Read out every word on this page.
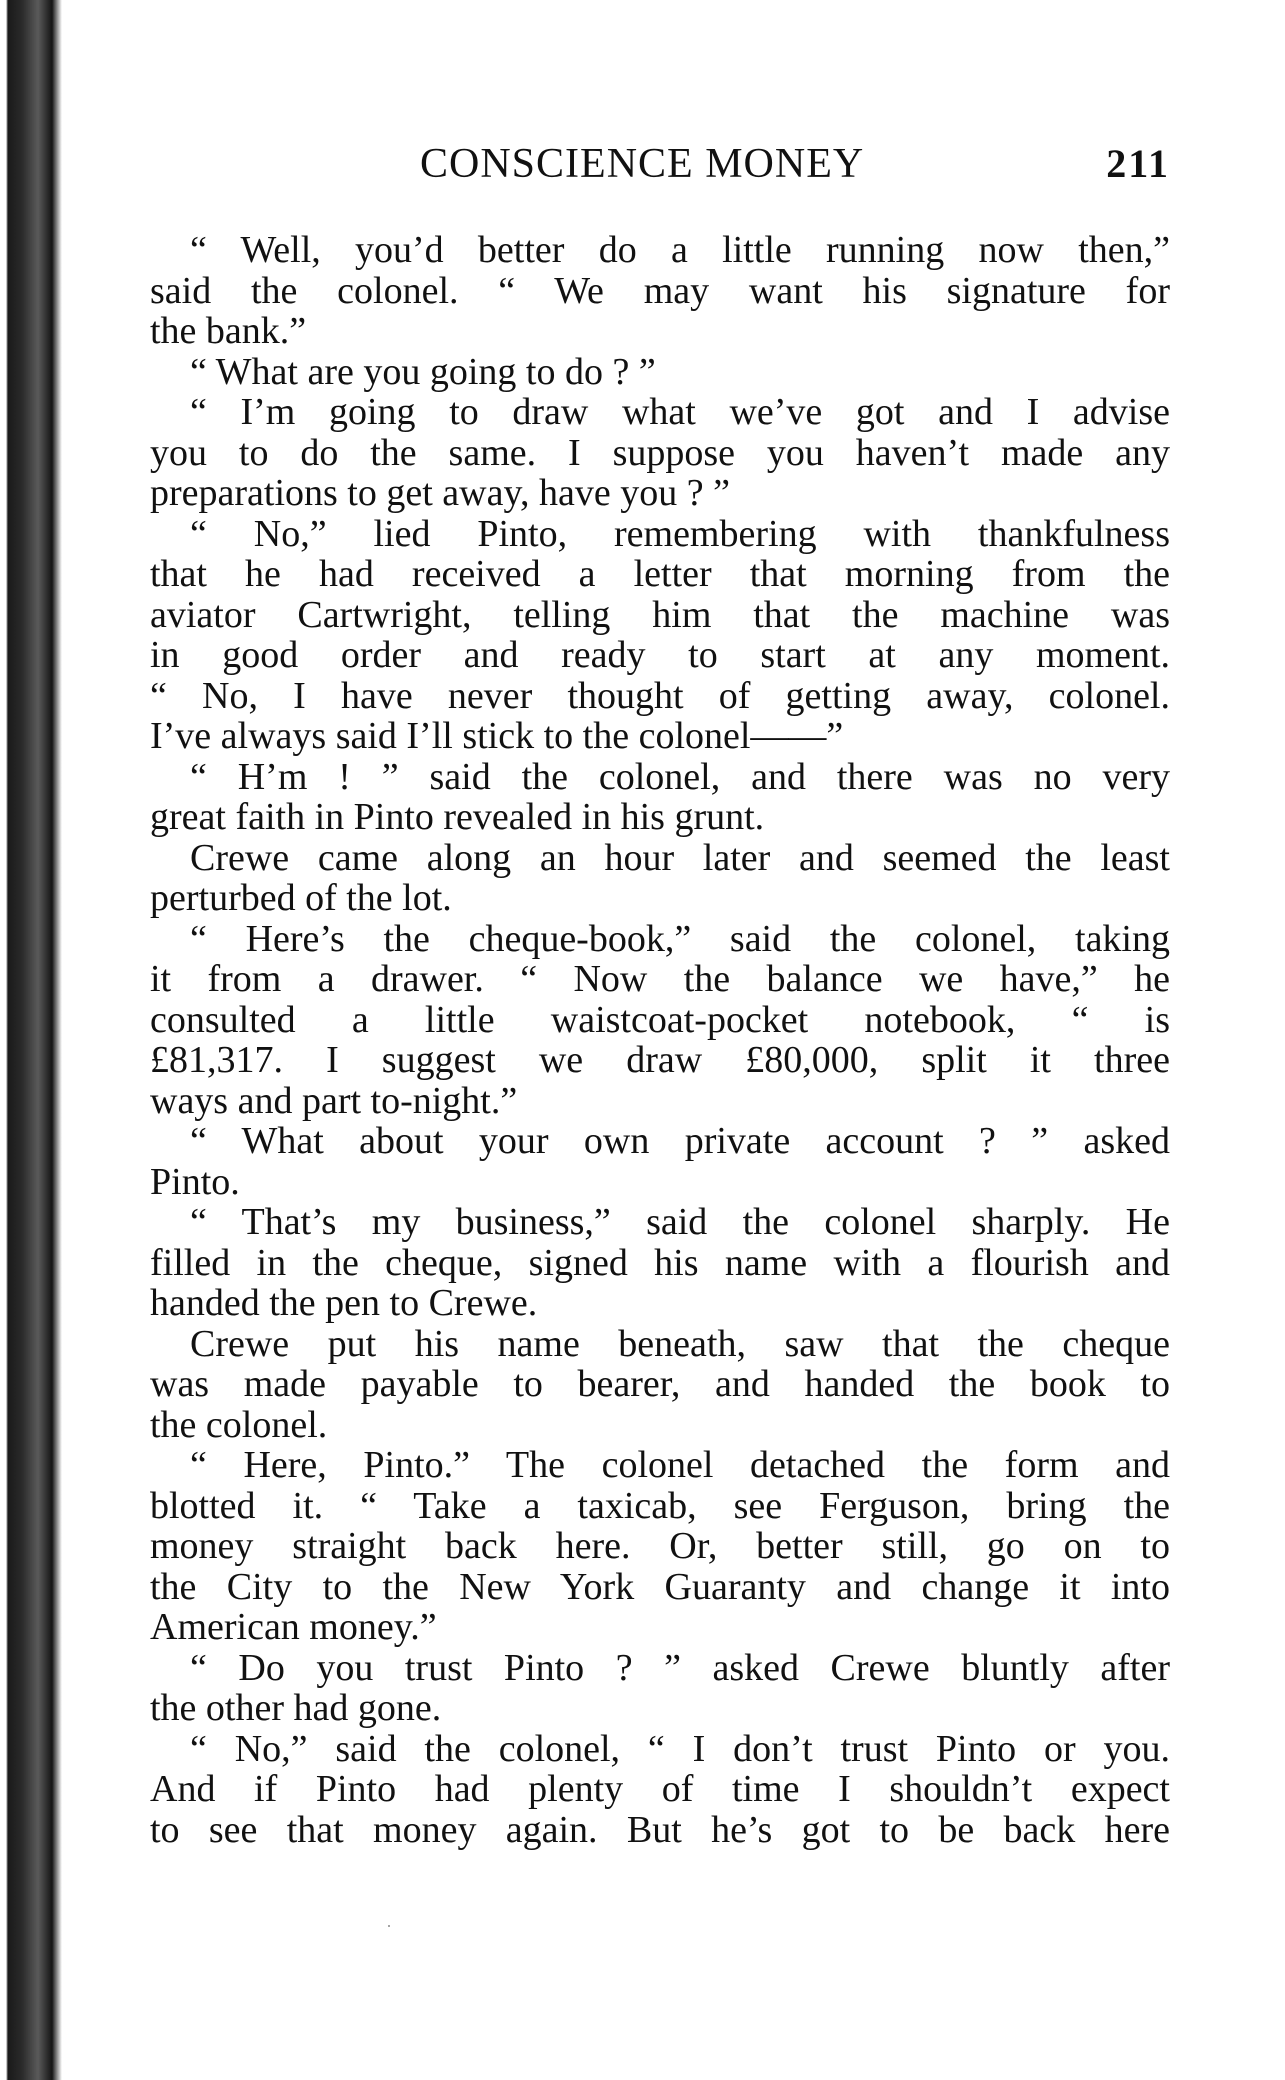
CONSCIENCE MONEY	211
“ Well, you’d better do a little running now then,”
said the colonel. “ We may want his signature for
the bank.”
“ What are you going to do ? ”
“ I’m going to draw what we’ve got and I advise
you to do the same. I suppose you haven’t made any
preparations to get away, have you ? ”
“ No,” lied Pinto, remembering with thankfulness
that he had received a letter that morning from the
aviator Cartwright, telling him that the machine was
in good order and ready to start at any moment.
“ No, I have never thought of getting away, colonel.
I’ve always said I’ll stick to the colonel——”
“ H’m ! ” said the colonel, and there was no very
great faith in Pinto revealed in his grunt.
Crewe came along an hour later and seemed the least
perturbed of the lot.
“ Here’s the cheque-book,” said the colonel, taking
it from a drawer. “ Now the balance we have,” he
consulted a little waistcoat-pocket notebook, “ is
£81,317. I suggest we draw £80,000, split it three
ways and part to-night.”
“ What about your own private account ? ” asked
Pinto.
“ That’s my business,” said the colonel sharply. He
filled in the cheque, signed his name with a flourish and
handed the pen to Crewe.
Crewe put his name beneath, saw that the cheque
was made payable to bearer, and handed the book to
the colonel.
“ Here, Pinto.” The colonel detached the form and
blotted it. “ Take a taxicab, see Ferguson, bring the
money straight back here. Or, better still, go on to
the City to the New York Guaranty and change it into
American money.”
“ Do you trust Pinto ? ” asked Crewe bluntly after
the other had gone.
“ No,” said the colonel, “ I don’t trust Pinto or you.
And if Pinto had plenty of time I shouldn’t expect
to see that money again. But he’s got to be back here
